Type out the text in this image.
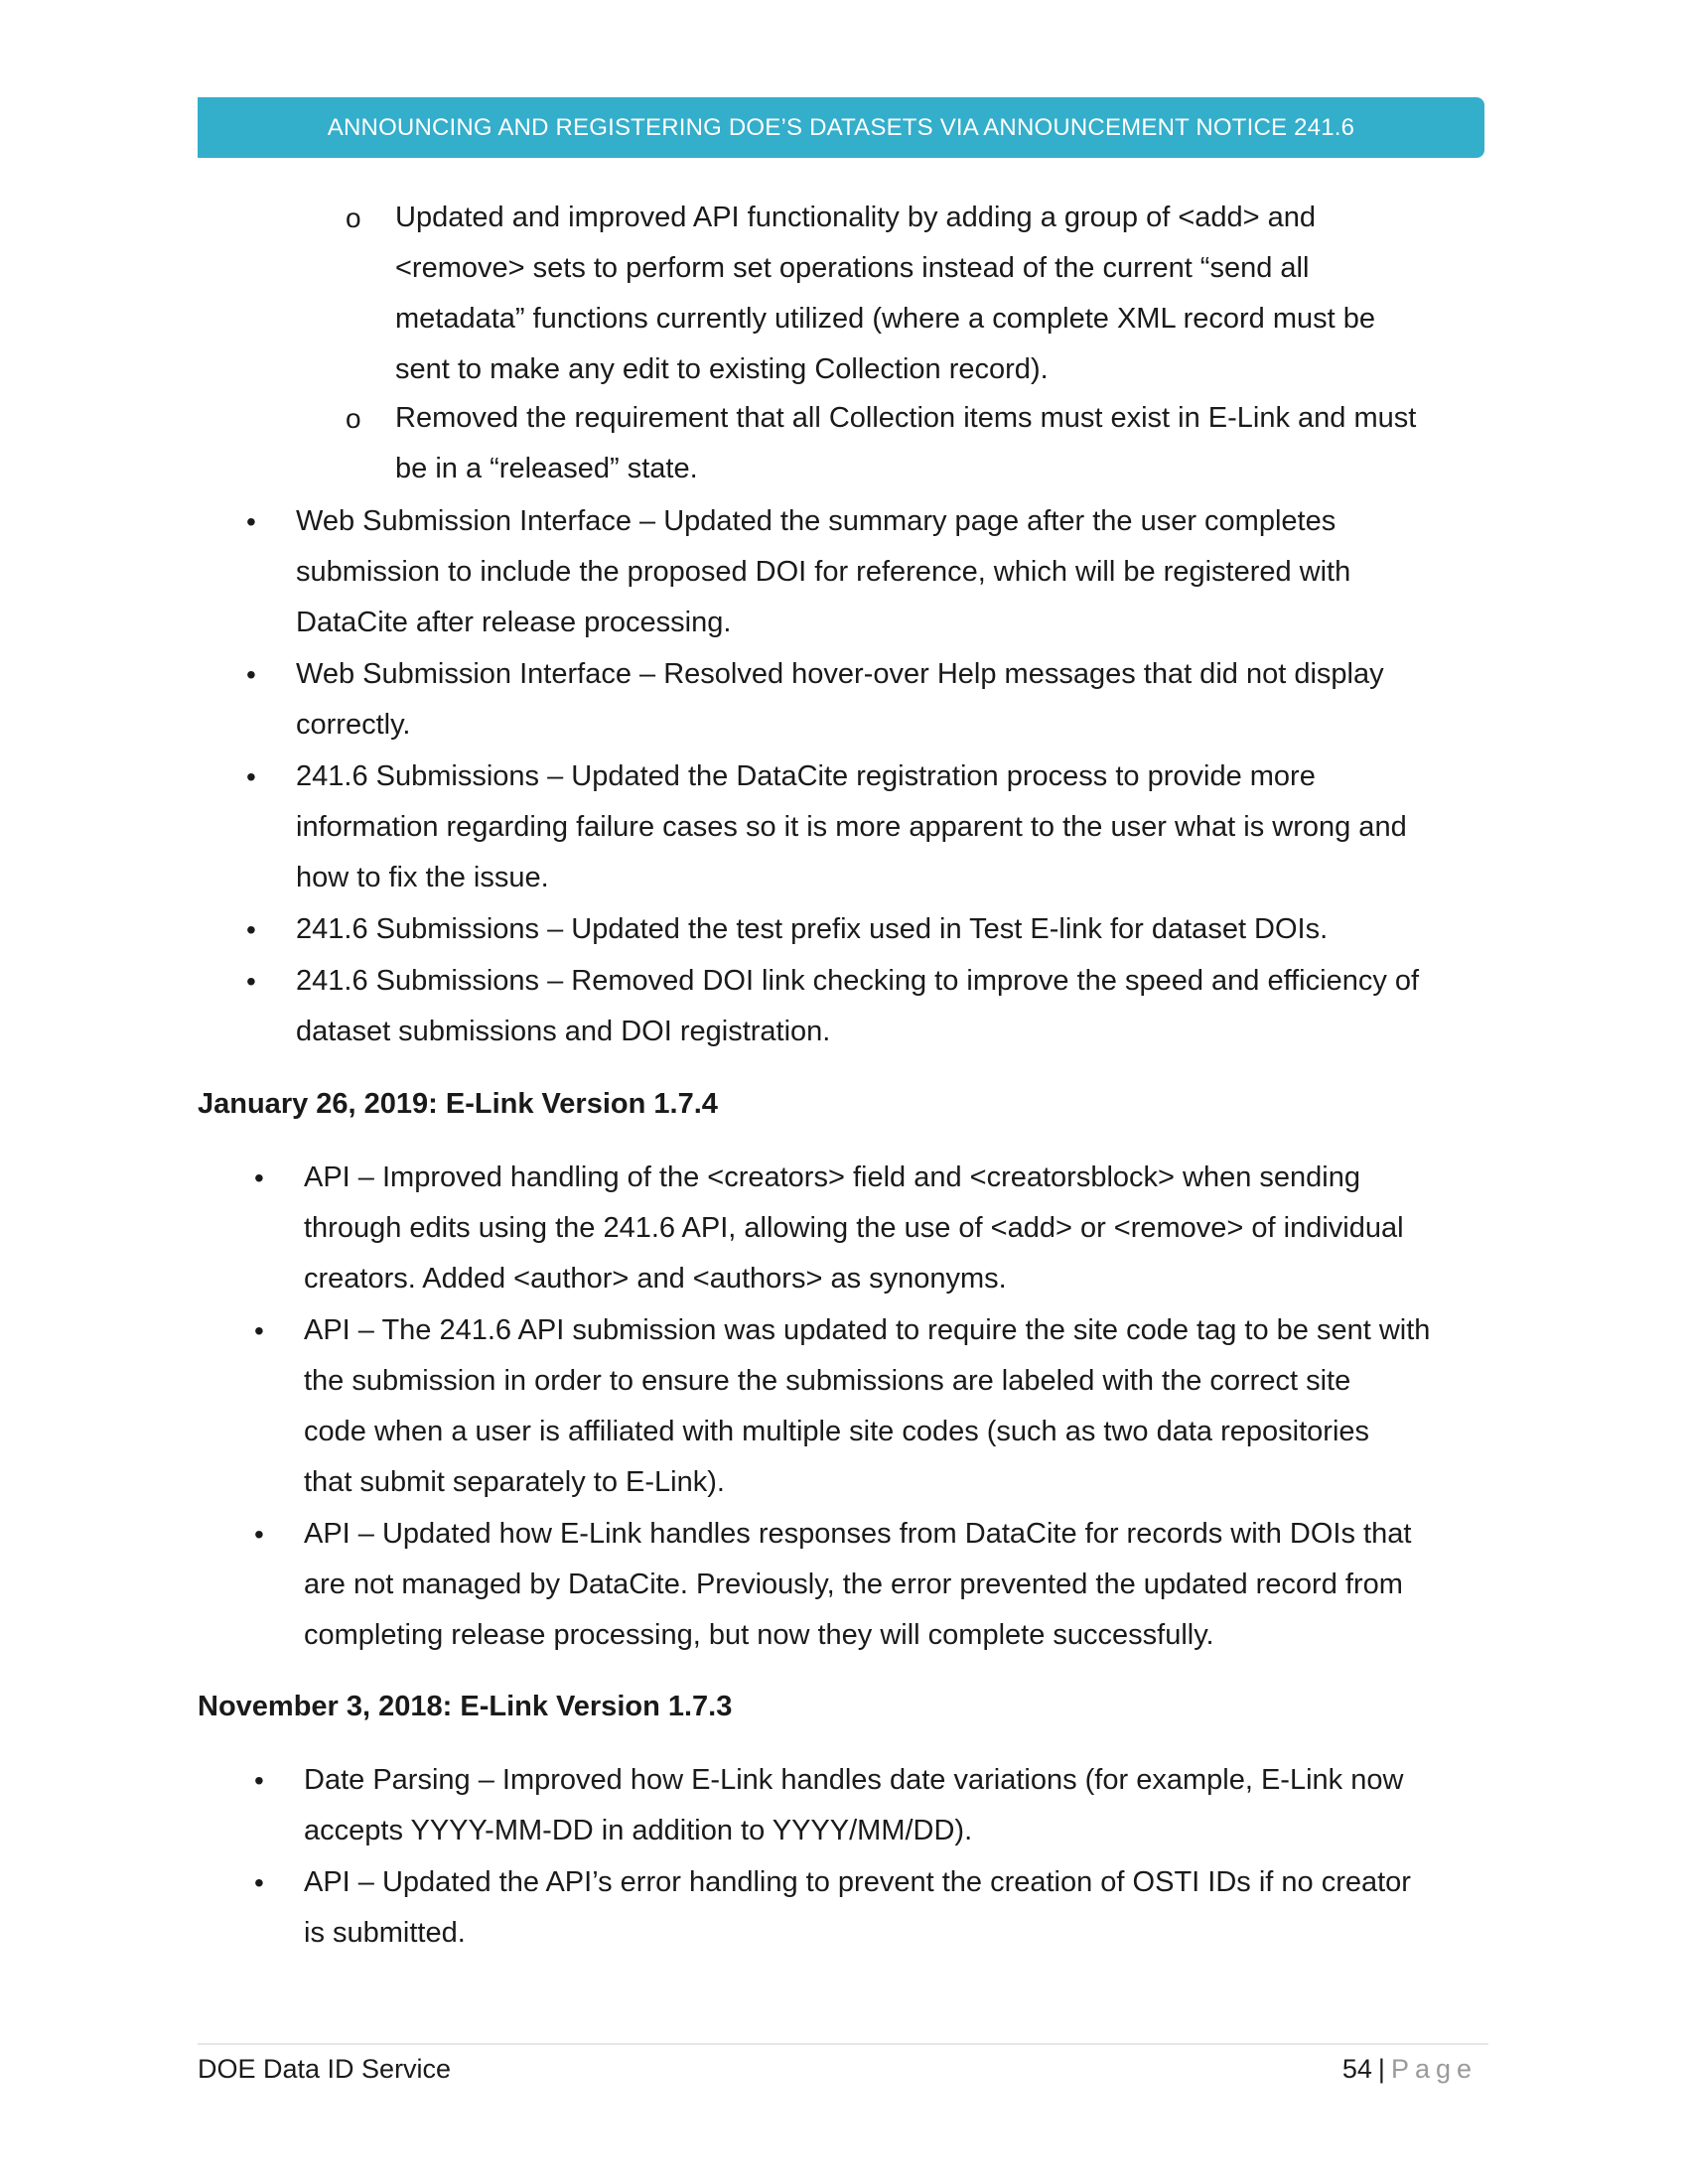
ANNOUNCING AND REGISTERING DOE’S DATASETS VIA ANNOUNCEMENT NOTICE 241.6
o Updated and improved API functionality by adding a group of <add> and
<remove> sets to perform set operations instead of the current “send all
metadata” functions currently utilized (where a complete XML record must be
sent to make any edit to existing Collection record).
o Removed the requirement that all Collection items must exist in E-Link and must
be in a “released” state.
• Web Submission Interface – Updated the summary page after the user completes
submission to include the proposed DOI for reference, which will be registered with
DataCite after release processing.
• Web Submission Interface – Resolved hover-over Help messages that did not display
correctly.
• 241.6 Submissions – Updated the DataCite registration process to provide more
information regarding failure cases so it is more apparent to the user what is wrong and
how to fix the issue.
• 241.6 Submissions – Updated the test prefix used in Test E-link for dataset DOIs.
• 241.6 Submissions – Removed DOI link checking to improve the speed and efficiency of
dataset submissions and DOI registration.
January 26, 2019: E-Link Version 1.7.4
• API – Improved handling of the <creators> field and <creatorsblock> when sending
through edits using the 241.6 API, allowing the use of <add> or <remove> of individual
creators. Added <author> and <authors> as synonyms.
• API – The 241.6 API submission was updated to require the site code tag to be sent with
the submission in order to ensure the submissions are labeled with the correct site
code when a user is affiliated with multiple site codes (such as two data repositories
that submit separately to E-Link).
• API – Updated how E-Link handles responses from DataCite for records with DOIs that
are not managed by DataCite. Previously, the error prevented the updated record from
completing release processing, but now they will complete successfully.
November 3, 2018: E-Link Version 1.7.3
• Date Parsing – Improved how E-Link handles date variations (for example, E-Link now
accepts YYYY-MM-DD in addition to YYYY/MM/DD).
• API – Updated the API’s error handling to prevent the creation of OSTI IDs if no creator
is submitted.
DOE Data ID Service	54 | Page
